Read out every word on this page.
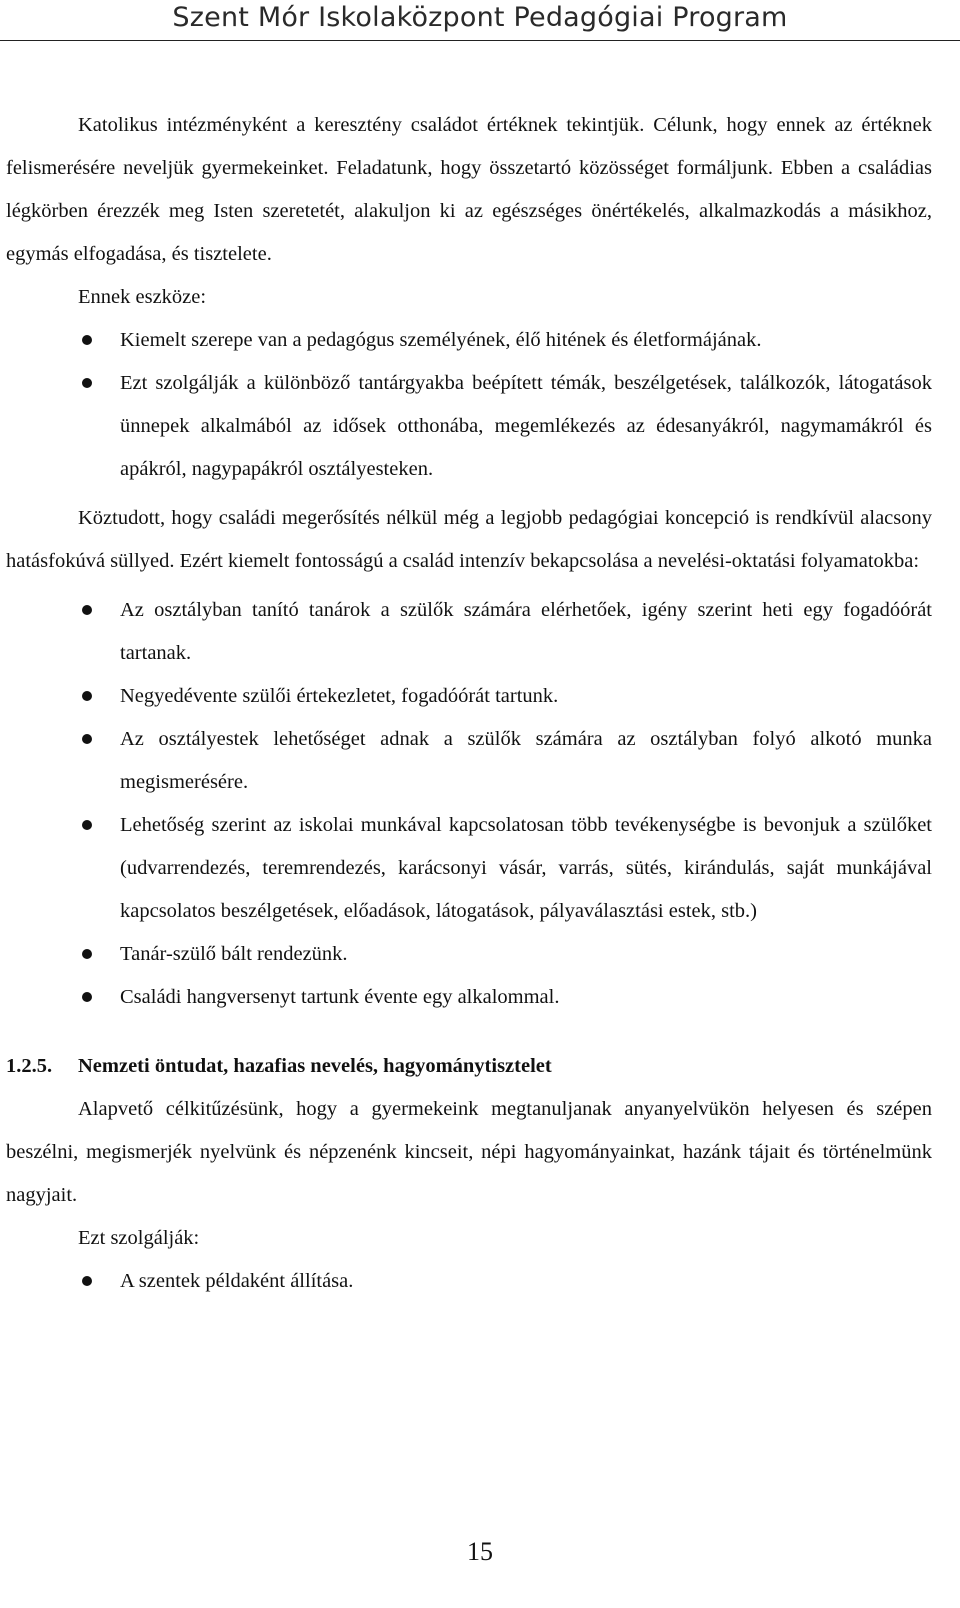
Szent Mór Iskolaközpont Pedagógiai Program

Katolikus intézményként a keresztény családot értéknek tekintjük. Célunk, hogy ennek az értéknek felismerésére neveljük gyermekeinket. Feladatunk, hogy összetartó közösséget formáljunk. Ebben a családias légkörben érezzék meg Isten szeretetét, alakuljon ki az egészséges önértékelés, alkalmazkodás a másikhoz, egymás elfogadása, és tisztelete.

Ennek eszköze:

Kiemelt szerepe van a pedagógus személyének, élő hitének és életformájának.
Ezt szolgálják a különböző tantárgyakba beépített témák, beszélgetések, találkozók, látogatások ünnepek alkalmából az idősek otthonába, megemlékezés az édesanyákról, nagymamákról és apákról, nagypapákról osztályesteken.

Köztudott, hogy családi megerősítés nélkül még a legjobb pedagógiai koncepció is rendkívül alacsony hatásfokúvá süllyed. Ezért kiemelt fontosságú a család intenzív bekapcsolása a nevelési-oktatási folyamatokba:

Az osztályban tanító tanárok a szülők számára elérhetőek, igény szerint heti egy fogadóórát tartanak.
Negyedévente szülői értekezletet, fogadóórát tartunk.
Az osztályestek lehetőséget adnak a szülők számára az osztályban folyó alkotó munka megismerésére.
Lehetőség szerint az iskolai munkával kapcsolatosan több tevékenységbe is bevonjuk a szülőket (udvarrendezés, teremrendezés, karácsonyi vásár, varrás, sütés, kirándulás, saját munkájával kapcsolatos beszélgetések, előadások, látogatások, pályaválasztási estek, stb.)
Tanár-szülő bált rendezünk.
Családi hangversenyt tartunk évente egy alkalommal.
1.2.5. Nemzeti öntudat, hazafias nevelés, hagyománytisztelet

Alapvető célkitűzésünk, hogy a gyermekeink megtanuljanak anyanyelvükön helyesen és szépen beszélni, megismerjék nyelvünk és népzenénk kincseit, népi hagyományainkat, hazánk tájait és történelmünk nagyjait.

Ezt szolgálják:

A szentek példaként állítása.
15
